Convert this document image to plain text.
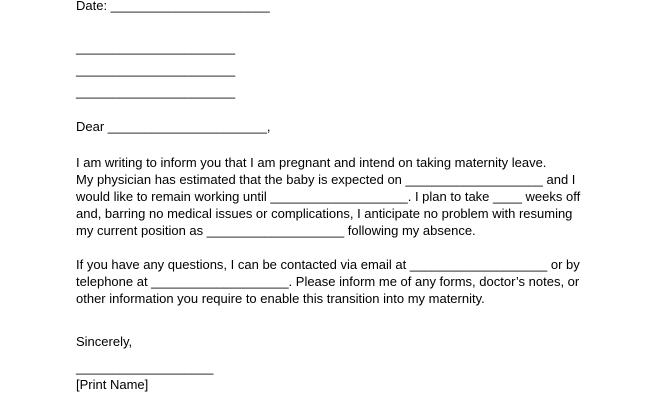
Date: ______________________
______________________
______________________
______________________
Dear ______________________,
I am writing to inform you that I am pregnant and intend on taking maternity leave.
My physician has estimated that the baby is expected on ___________________ and I
would like to remain working until ___________________. I plan to take ____ weeks off
and, barring no medical issues or complications, I anticipate no problem with resuming
my current position as ___________________ following my absence.
If you have any questions, I can be contacted via email at ___________________ or by
telephone at ___________________. Please inform me of any forms, doctor’s notes, or
other information you require to enable this transition into my maternity.
Sincerely,
___________________
[Print Name]
